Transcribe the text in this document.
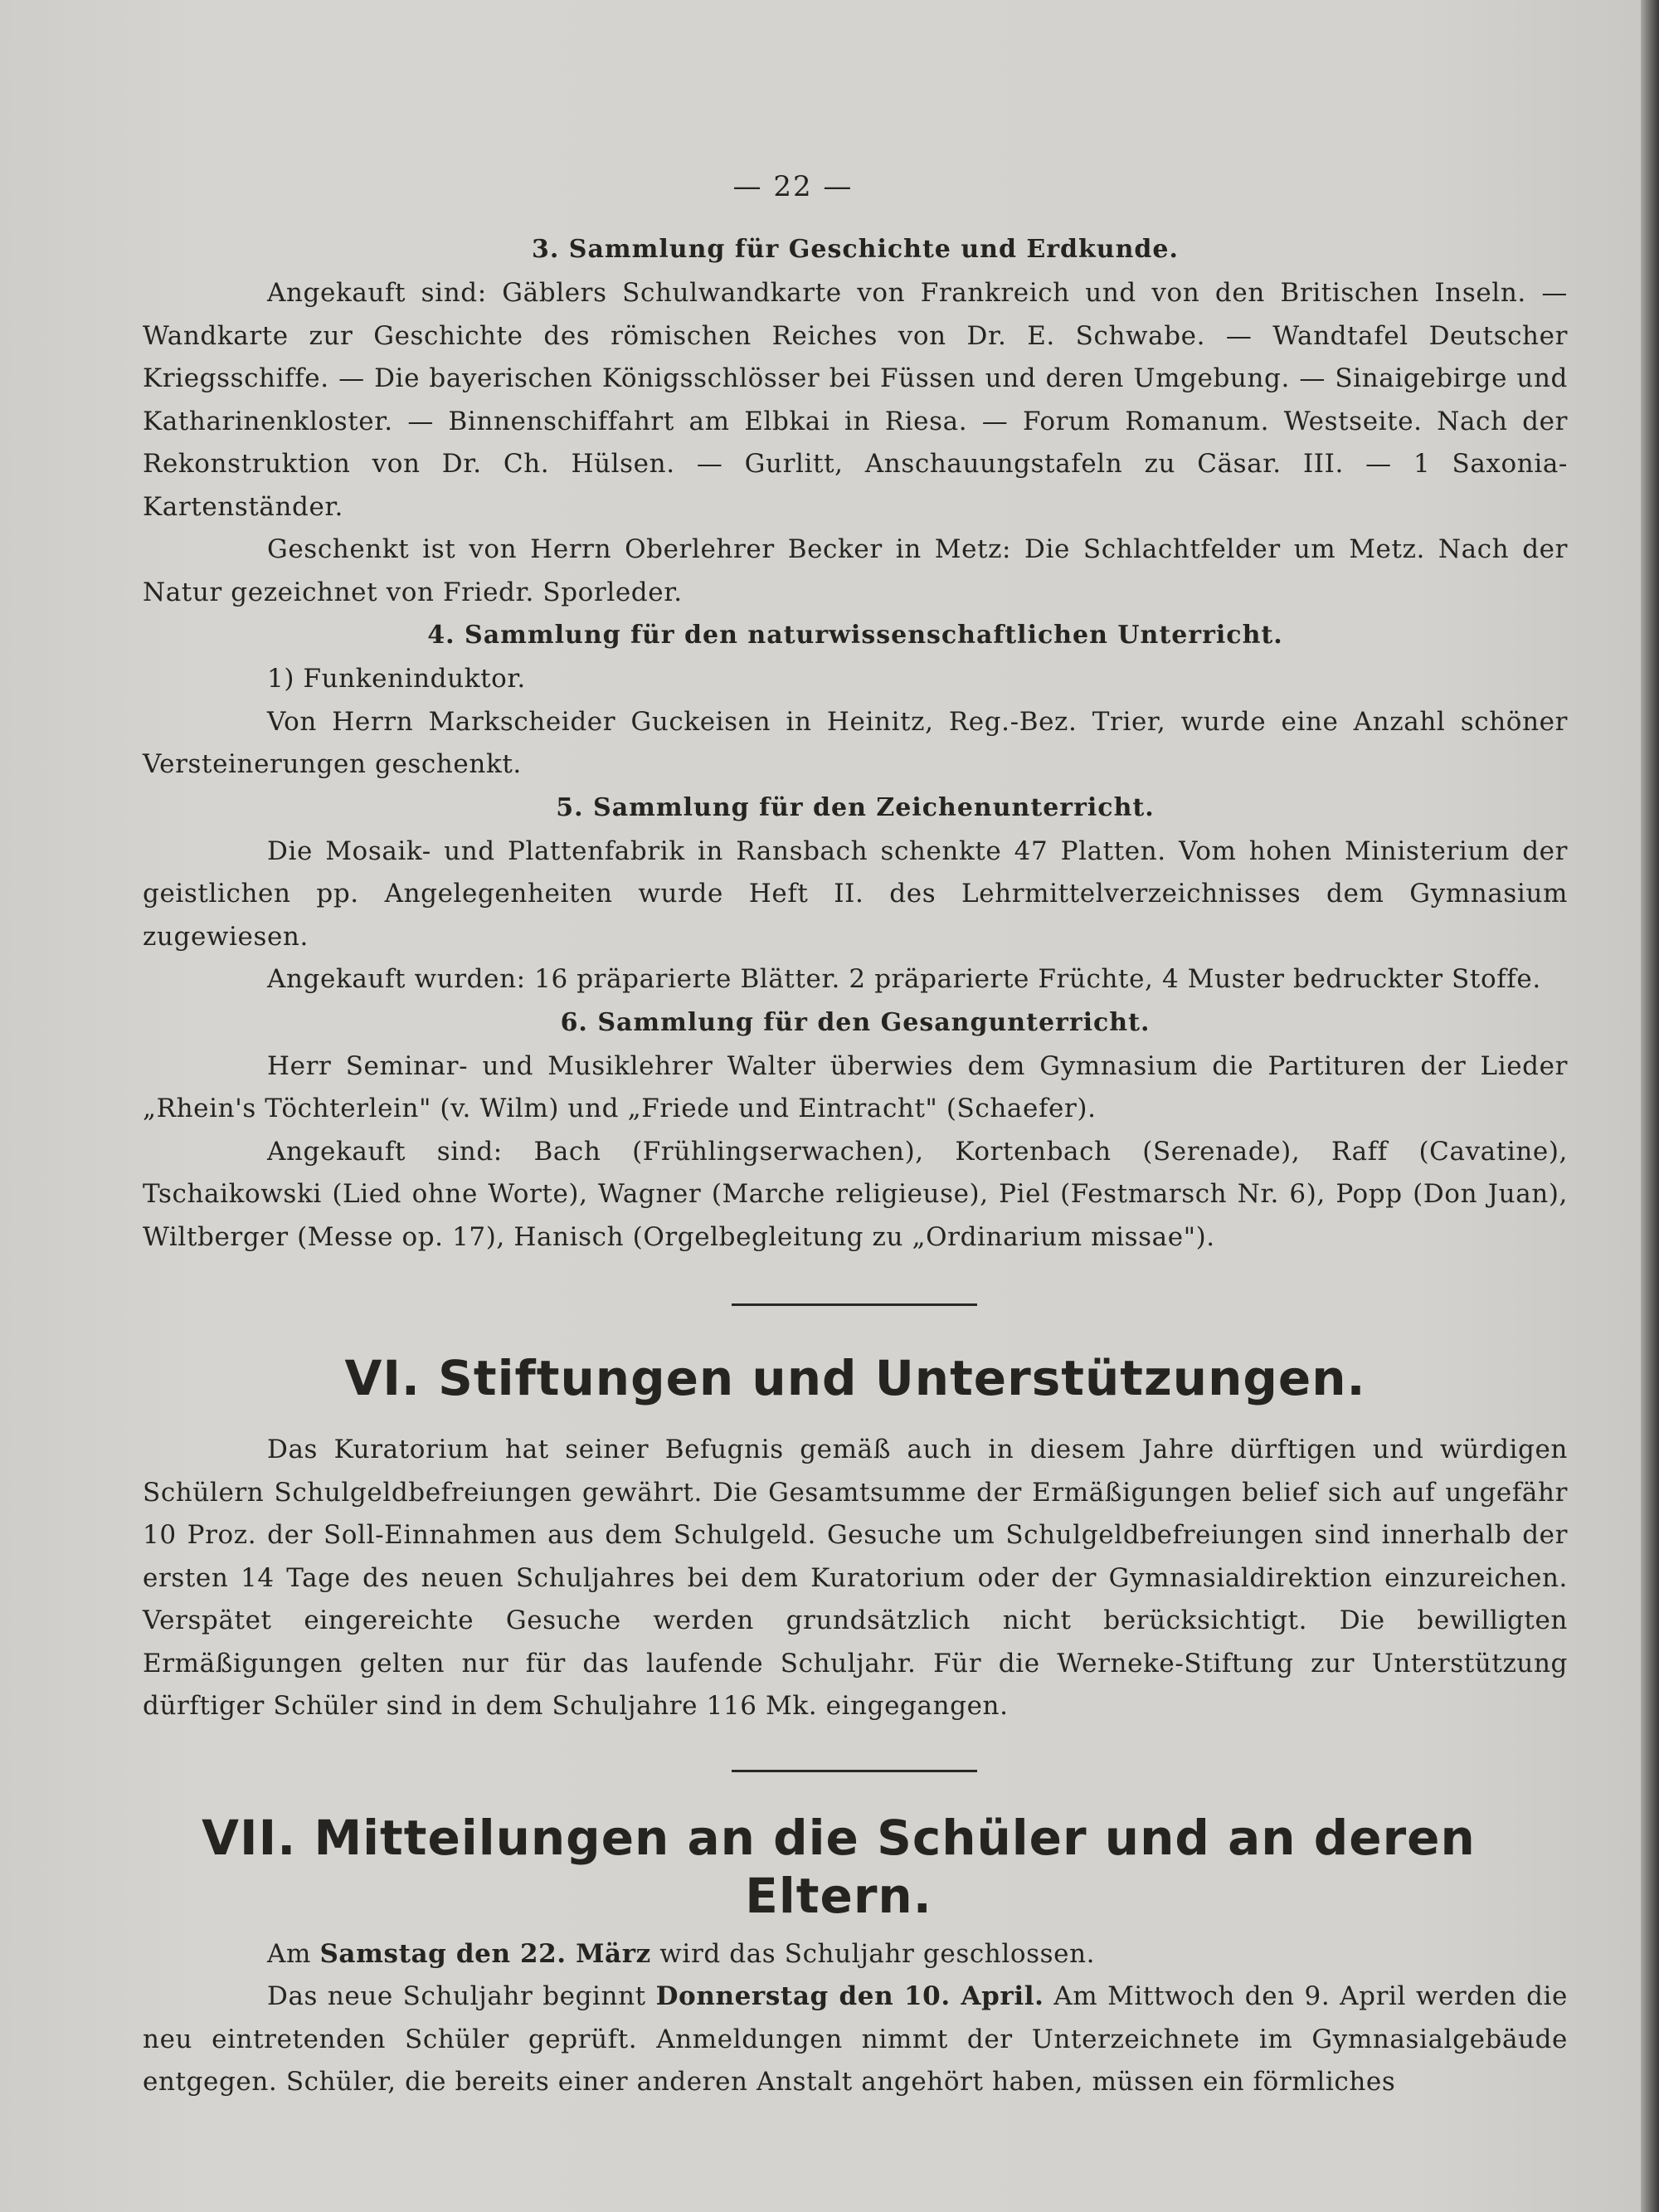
— 22 —
3. Sammlung für Geschichte und Erdkunde.

Angekauft sind: Gäblers Schulwandkarte von Frankreich und von den Britischen Inseln. — Wandkarte zur Geschichte des römischen Reiches von Dr. E. Schwabe. — Wandtafel Deutscher Kriegsschiffe. — Die bayerischen Königsschlösser bei Füssen und deren Umgebung. — Sinaigebirge und Katharinenkloster. — Binnenschiffahrt am Elbkai in Riesa. — Forum Romanum. Westseite. Nach der Rekonstruktion von Dr. Ch. Hülsen. — Gurlitt, Anschauungstafeln zu Cäsar. III. — 1 Saxonia-Kartenständer.

Geschenkt ist von Herrn Oberlehrer Becker in Metz: Die Schlachtfelder um Metz. Nach der Natur gezeichnet von Friedr. Sporleder.

4. Sammlung für den naturwissenschaftlichen Unterricht.

1) Funkeninduktor.

Von Herrn Markscheider Guckeisen in Heinitz, Reg.-Bez. Trier, wurde eine Anzahl schöner Versteinerungen geschenkt.

5. Sammlung für den Zeichenunterricht.

Die Mosaik- und Plattenfabrik in Ransbach schenkte 47 Platten. Vom hohen Ministerium der geistlichen pp. Angelegenheiten wurde Heft II. des Lehrmittelverzeichnisses dem Gymnasium zugewiesen.

Angekauft wurden: 16 präparierte Blätter. 2 präparierte Früchte, 4 Muster bedruckter Stoffe.

6. Sammlung für den Gesangunterricht.

Herr Seminar- und Musiklehrer Walter überwies dem Gymnasium die Partituren der Lieder „Rhein's Töchterlein" (v. Wilm) und „Friede und Eintracht" (Schaefer).

Angekauft sind: Bach (Frühlingserwachen), Kortenbach (Serenade), Raff (Cavatine), Tschaikowski (Lied ohne Worte), Wagner (Marche religieuse), Piel (Festmarsch Nr. 6), Popp (Don Juan), Wiltberger (Messe op. 17), Hanisch (Orgelbegleitung zu „Ordinarium missae").

VI. Stiftungen und Unterstützungen.

Das Kuratorium hat seiner Befugnis gemäß auch in diesem Jahre dürftigen und würdigen Schülern Schulgeldbefreiungen gewährt. Die Gesamtsumme der Ermäßigungen belief sich auf ungefähr 10 Proz. der Soll-Einnahmen aus dem Schulgeld. Gesuche um Schulgeldbefreiungen sind innerhalb der ersten 14 Tage des neuen Schuljahres bei dem Kuratorium oder der Gymnasialdirektion einzureichen. Verspätet eingereichte Gesuche werden grundsätzlich nicht berücksichtigt. Die bewilligten Ermäßigungen gelten nur für das laufende Schuljahr. Für die Werneke-Stiftung zur Unterstützung dürftiger Schüler sind in dem Schuljahre 116 Mk. eingegangen.

VII. Mitteilungen an die Schüler und an deren Eltern.

Am Samstag den 22. März wird das Schuljahr geschlossen.

Das neue Schuljahr beginnt Donnerstag den 10. April. Am Mittwoch den 9. April werden die neu eintretenden Schüler geprüft. Anmeldungen nimmt der Unterzeichnete im Gymnasialgebäude entgegen. Schüler, die bereits einer anderen Anstalt angehört haben, müssen ein förmliches
